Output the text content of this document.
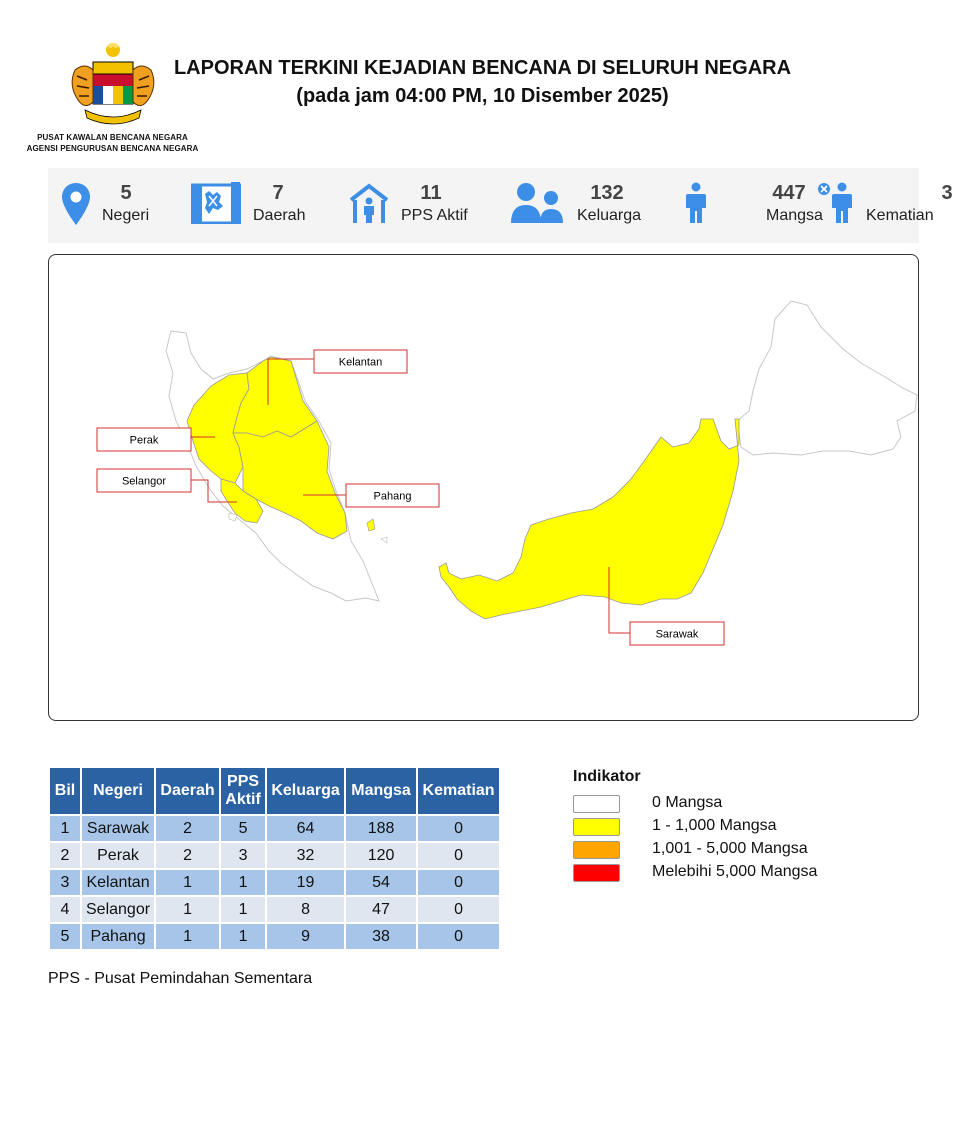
PUSAT KAWALAN BENCANA NEGARA
AGENSI PENGURUSAN BENCANA NEGARA
LAPORAN TERKINI KEJADIAN BENCANA DI SELURUH NEGARA
(pada jam 04:00 PM, 10 Disember 2025)
5
Negeri
7
Daerah
11
PPS Aktif
132
Keluarga
447
Mangsa
3
Kematian
Kelantan
Perak
Selangor
Pahang
Sarawak
Bil	Negeri	Daerah	PPS Aktif	Keluarga	Mangsa	Kematian
1	Sarawak	2	5	64	188	0
2	Perak	2	3	32	120	0
3	Kelantan	1	1	19	54	0
4	Selangor	1	1	8	47	0
5	Pahang	1	1	9	38	0
PPS - Pusat Pemindahan Sementara
Indikator
0 Mangsa
1 - 1,000 Mangsa
1,001 - 5,000 Mangsa
Melebihi 5,000 Mangsa
